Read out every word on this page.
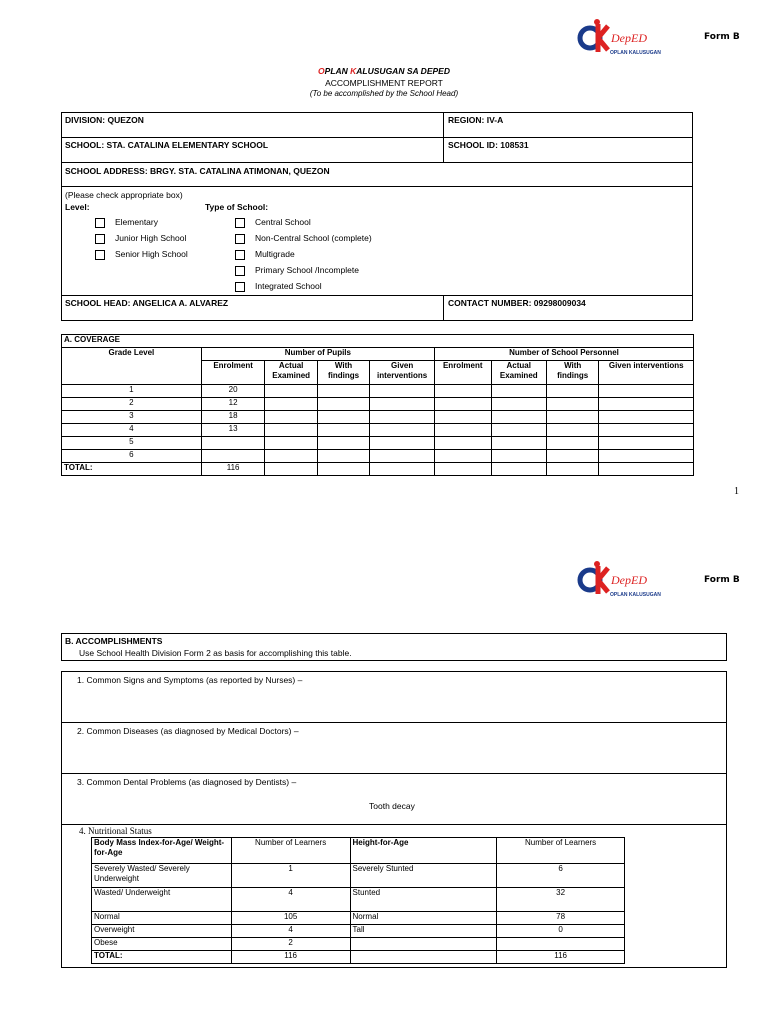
DepED
OPLAN KALUSUGAN
Form B
OPLAN KALUSUGAN SA DEPED
ACCOMPLISHMENT REPORT
(To be accomplished by the School Head)
DIVISION: QUEZON	REGION: IV-A
SCHOOL: STA. CATALINA ELEMENTARY SCHOOL	SCHOOL ID: 108531
SCHOOL ADDRESS: BRGY. STA. CATALINA ATIMONAN, QUEZON
(Please check appropriate box)
Level:	Type of School:
Elementary
Junior High School
Senior High School
Central School
Non-Central School (complete)
Multigrade
Primary School /Incomplete
Integrated School
SCHOOL HEAD: ANGELICA A. ALVAREZ	CONTACT NUMBER: 09298009034
A. COVERAGE								
Grade Level	Number of Pupils				Number of School Personnel			
	Enrolment	Actual Examined	With findings	Given interventions	Enrolment	Actual Examined	With findings	Given interventions
1	20							
2	12							
3	18							
4	13							
5								
6								
TOTAL:	116							
1
DepED
OPLAN KALUSUGAN
Form B
B. ACCOMPLISHMENTS
Use School Health Division Form 2 as basis for accomplishing this table.
1. Common Signs and Symptoms (as reported by Nurses) –
2. Common Diseases (as diagnosed by Medical Doctors) –
3. Common Dental Problems (as diagnosed by Dentists) –
Tooth decay
4. Nutritional Status
Body Mass Index-for-Age/ Weight-for-Age	Number of Learners	Height-for-Age	Number of Learners
Severely Wasted/ Severely Underweight	1	Severely Stunted	6
Wasted/ Underweight	4	Stunted	32
Normal	105	Normal	78
Overweight	4	Tall	0
Obese	2		
TOTAL:	116		116
